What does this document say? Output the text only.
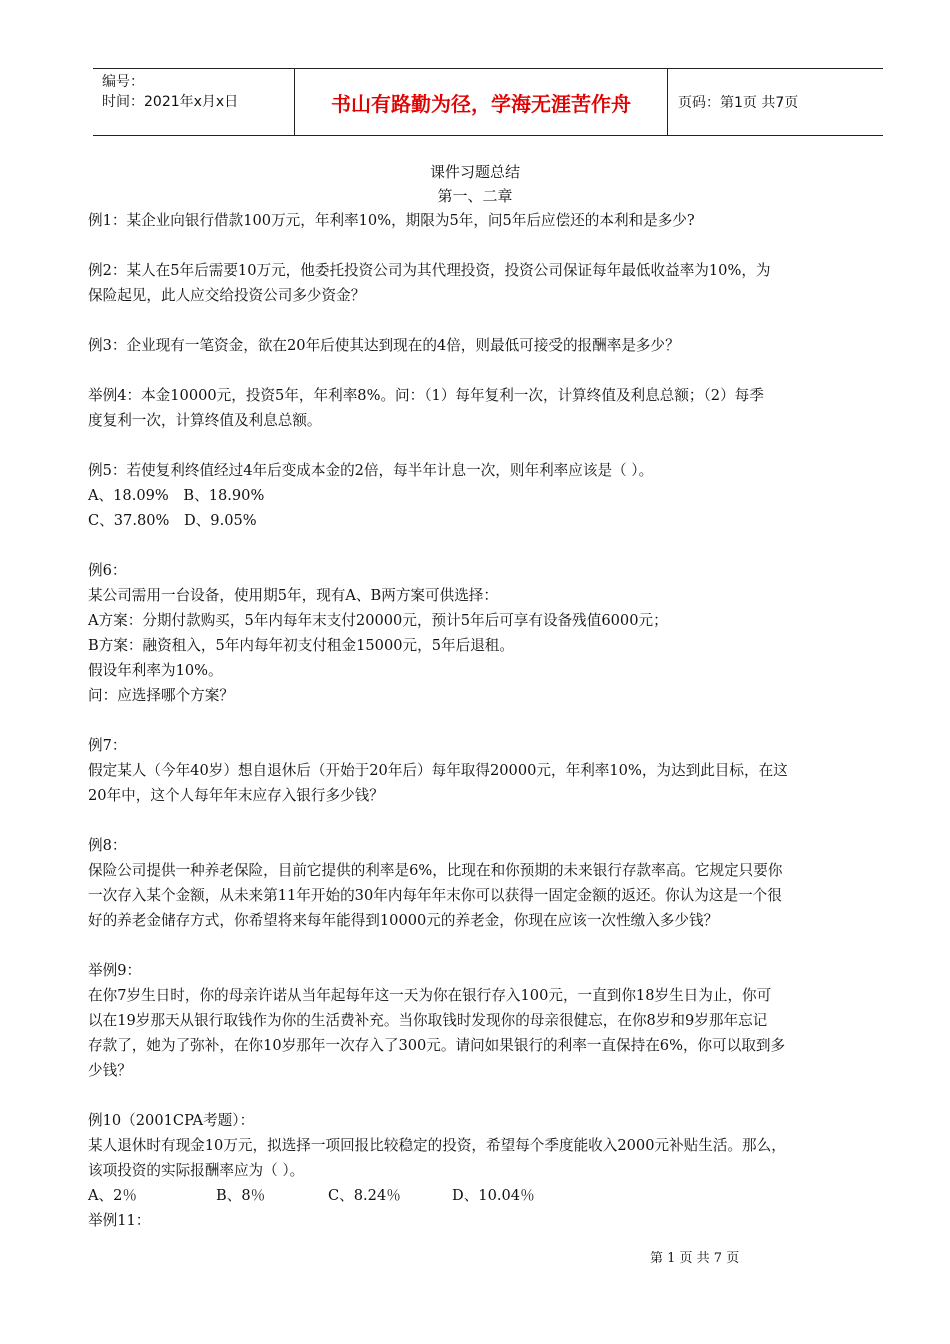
编号：
时间：2021年x月x日	书山有路勤为径，学海无涯苦作舟	页码：第1页 共7页
课件习题总结
第一、二章

例1：某企业向银行借款100万元，年利率10%，期限为5年，问5年后应偿还的本利和是多少?

例2：某人在5年后需要10万元，他委托投资公司为其代理投资，投资公司保证每年最低收益率为10%，为

保险起见，此人应交给投资公司多少资金？

例3：企业现有一笔资金，欲在20年后使其达到现在的4倍，则最低可接受的报酬率是多少？

举例4：本金10000元，投资5年，年利率8%。问：（1）每年复利一次，计算终值及利息总额；（2）每季

度复利一次，计算终值及利息总额。

例5：若使复利终值经过4年后变成本金的2倍，每半年计息一次，则年利率应该是（ ）。

A、18.09%　B、18.90%

C、37.80%　D、9.05%

例6：

某公司需用一台设备，使用期5年，现有A、B两方案可供选择：

A方案：分期付款购买，5年内每年末支付20000元，预计5年后可享有设备残值6000元；

B方案：融资租入，5年内每年初支付租金15000元，5年后退租。

假设年利率为10%。

问：应选择哪个方案？

例7：

假定某人（今年40岁）想自退休后（开始于20年后）每年取得20000元，年利率10%，为达到此目标，在这

20年中，这个人每年年末应存入银行多少钱？

例8：

保险公司提供一种养老保险，目前它提供的利率是6%，比现在和你预期的未来银行存款率高。它规定只要你

一次存入某个金额，从未来第11年开始的30年内每年年末你可以获得一固定金额的返还。你认为这是一个很

好的养老金储存方式，你希望将来每年能得到10000元的养老金，你现在应该一次性缴入多少钱？

举例9：

在你7岁生日时，你的母亲许诺从当年起每年这一天为你在银行存入100元，一直到你18岁生日为止，你可

以在19岁那天从银行取钱作为你的生活费补充。当你取钱时发现你的母亲很健忘，在你8岁和9岁那年忘记

存款了，她为了弥补，在你10岁那年一次存入了300元。请问如果银行的利率一直保持在6%，你可以取到多

少钱？

例10（2001CPA考题）：

某人退休时有现金10万元，拟选择一项回报比较稳定的投资，希望每个季度能收入2000元补贴生活。那么，

该项投资的实际报酬率应为（ ）。

A、2％	B、8％	C、8.24％	D、10.04％

举例11：

第 1 页 共 7 页
